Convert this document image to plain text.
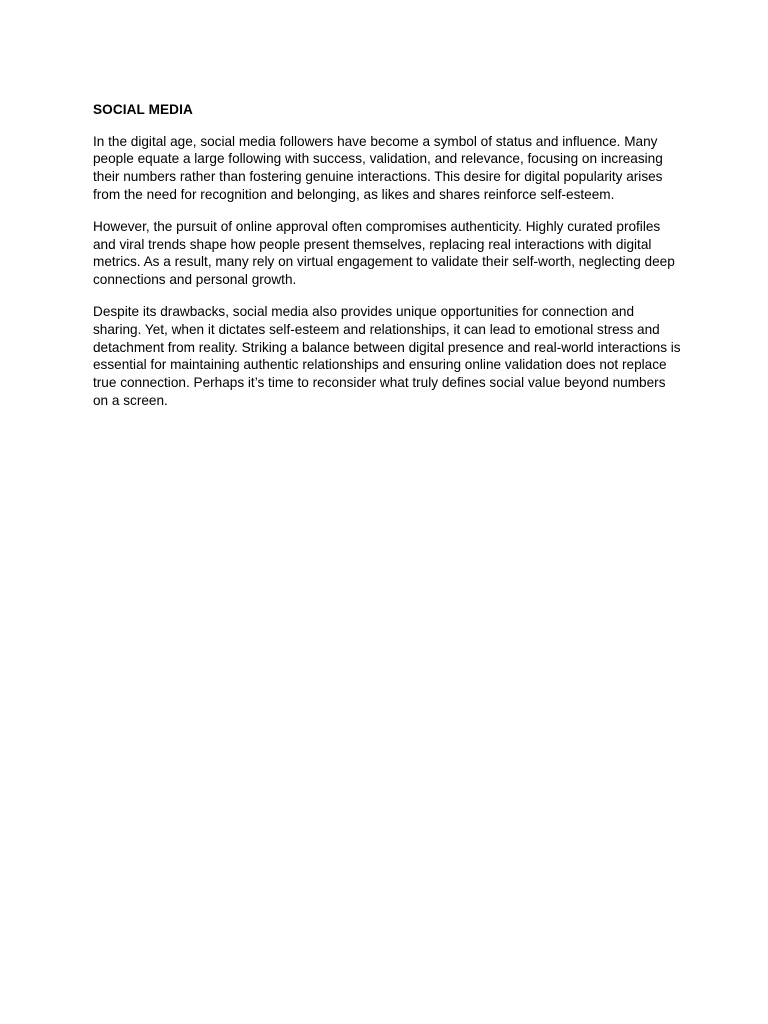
SOCIAL MEDIA

In the digital age, social media followers have become a symbol of status and influence. Many people equate a large following with success, validation, and relevance, focusing on increasing their numbers rather than fostering genuine interactions. This desire for digital popularity arises from the need for recognition and belonging, as likes and shares reinforce self-esteem.

However, the pursuit of online approval often compromises authenticity. Highly curated profiles and viral trends shape how people present themselves, replacing real interactions with digital metrics. As a result, many rely on virtual engagement to validate their self-worth, neglecting deep connections and personal growth.

Despite its drawbacks, social media also provides unique opportunities for connection and sharing. Yet, when it dictates self-esteem and relationships, it can lead to emotional stress and detachment from reality. Striking a balance between digital presence and real-world interactions is essential for maintaining authentic relationships and ensuring online validation does not replace true connection. Perhaps it’s time to reconsider what truly defines social value beyond numbers on a screen.
